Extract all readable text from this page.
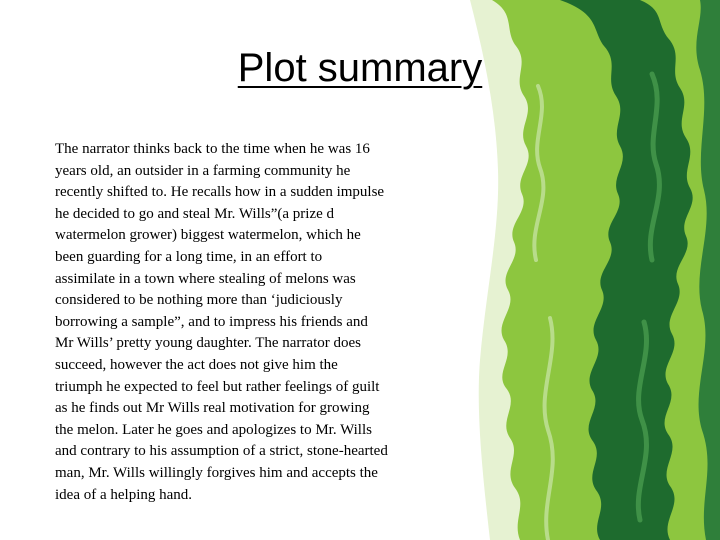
Plot summary

The narrator thinks back to the time when he was 16
years old, an outsider in a farming community he
recently shifted to. He recalls how in a sudden impulse
he decided to go and steal Mr. Wills”(a prize d
watermelon grower) biggest watermelon, which he
been guarding for a long time, in an effort to
assimilate in a town where stealing of melons was
considered to be nothing more than ‘judiciously
borrowing a sample”, and to impress his friends and
Mr Wills’ pretty young daughter. The narrator does
succeed, however the act does not give him the
triumph he expected to feel but rather feelings of guilt
as he finds out Mr Wills real motivation for growing
the melon. Later he goes and apologizes to Mr. Wills
and contrary to his assumption of a strict, stone-hearted
man, Mr. Wills willingly forgives him and accepts the
idea of a helping hand.
